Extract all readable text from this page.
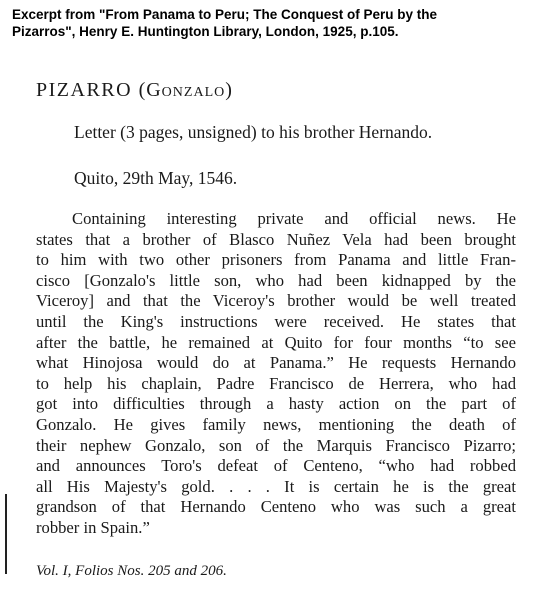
Excerpt from "From Panama to Peru; The Conquest of Peru by the
Pizarros", Henry E. Huntington Library, London, 1925, p.105.
PIZARRO (Gonzalo)
Letter (3 pages, unsigned) to his brother Hernando.
Quito, 29th May, 1546.
Containing interesting private and official news. He
states that a brother of Blasco Nuñez Vela had been brought
to him with two other prisoners from Panama and little Fran-
cisco [Gonzalo's little son, who had been kidnapped by the
Viceroy] and that the Viceroy's brother would be well treated
until the King's instructions were received. He states that
after the battle, he remained at Quito for four months “to see
what Hinojosa would do at Panama.” He requests Hernando
to help his chaplain, Padre Francisco de Herrera, who had
got into difficulties through a hasty action on the part of
Gonzalo. He gives family news, mentioning the death of
their nephew Gonzalo, son of the Marquis Francisco Pizarro;
and announces Toro's defeat of Centeno, “who had robbed
all His Majesty's gold. . . . It is certain he is the great
grandson of that Hernando Centeno who was such a great
robber in Spain.”
Vol. I, Folios Nos. 205 and 206.
